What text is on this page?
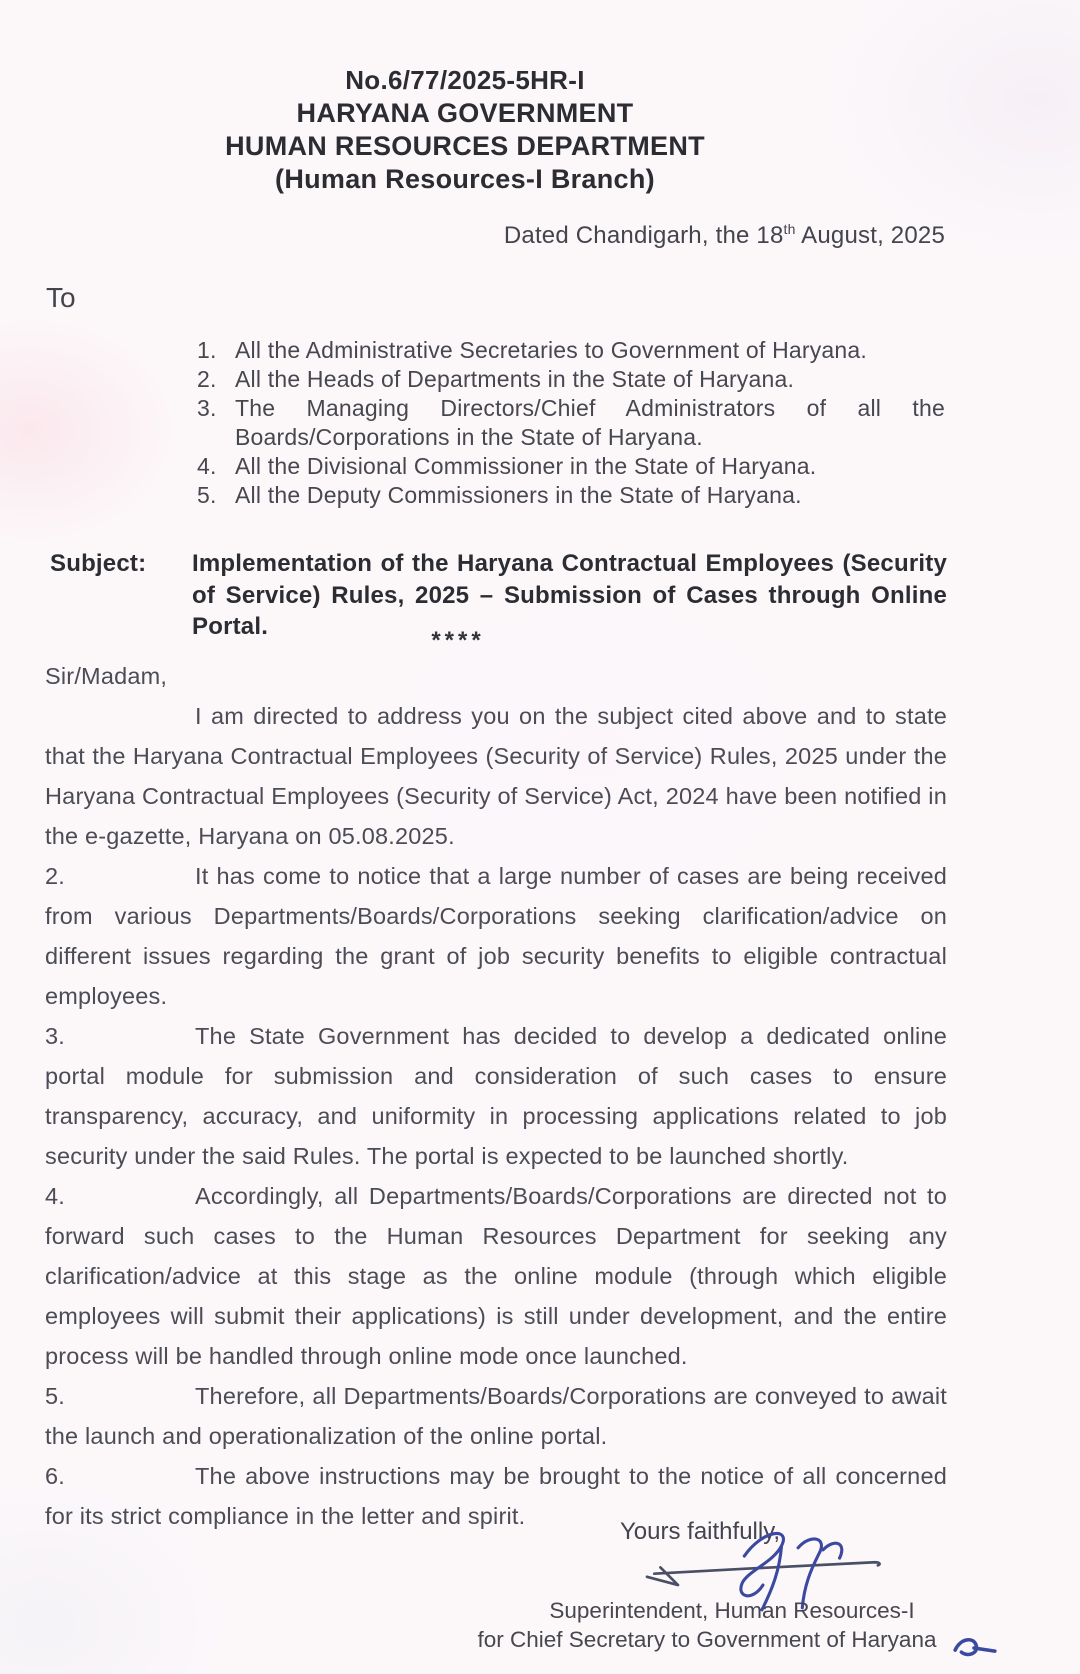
No.6/77/2025-5HR-I
HARYANA GOVERNMENT
HUMAN RESOURCES DEPARTMENT
(Human Resources-I Branch)
Dated Chandigarh, the 18th August, 2025
To
1. All the Administrative Secretaries to Government of Haryana.
2. All the Heads of Departments in the State of Haryana.
3. The Managing Directors/Chief Administrators of all the Boards/Corporations in the State of Haryana.
4. All the Divisional Commissioner in the State of Haryana.
5. All the Deputy Commissioners in the State of Haryana.
Subject:	Implementation of the Haryana Contractual Employees (Security of Service) Rules, 2025 – Submission of Cases through Online Portal.
****
Sir/Madam,

I am directed to address you on the subject cited above and to state that the Haryana Contractual Employees (Security of Service) Rules, 2025 under the Haryana Contractual Employees (Security of Service) Act, 2024 have been notified in the e-gazette, Haryana on 05.08.2025.

2.	It has come to notice that a large number of cases are being received from various Departments/Boards/Corporations seeking clarification/advice on different issues regarding the grant of job security benefits to eligible contractual employees.

3.	The State Government has decided to develop a dedicated online portal module for submission and consideration of such cases to ensure transparency, accuracy, and uniformity in processing applications related to job security under the said Rules. The portal is expected to be launched shortly.

4.	Accordingly, all Departments/Boards/Corporations are directed not to forward such cases to the Human Resources Department for seeking any clarification/advice at this stage as the online module (through which eligible employees will submit their applications) is still under development, and the entire process will be handled through online mode once launched.

5.	Therefore, all Departments/Boards/Corporations are conveyed to await the launch and operationalization of the online portal.

6.	The above instructions may be brought to the notice of all concerned for its strict compliance in the letter and spirit.

Yours faithfully,
Superintendent, Human Resources-I
for Chief Secretary to Government of Haryana
